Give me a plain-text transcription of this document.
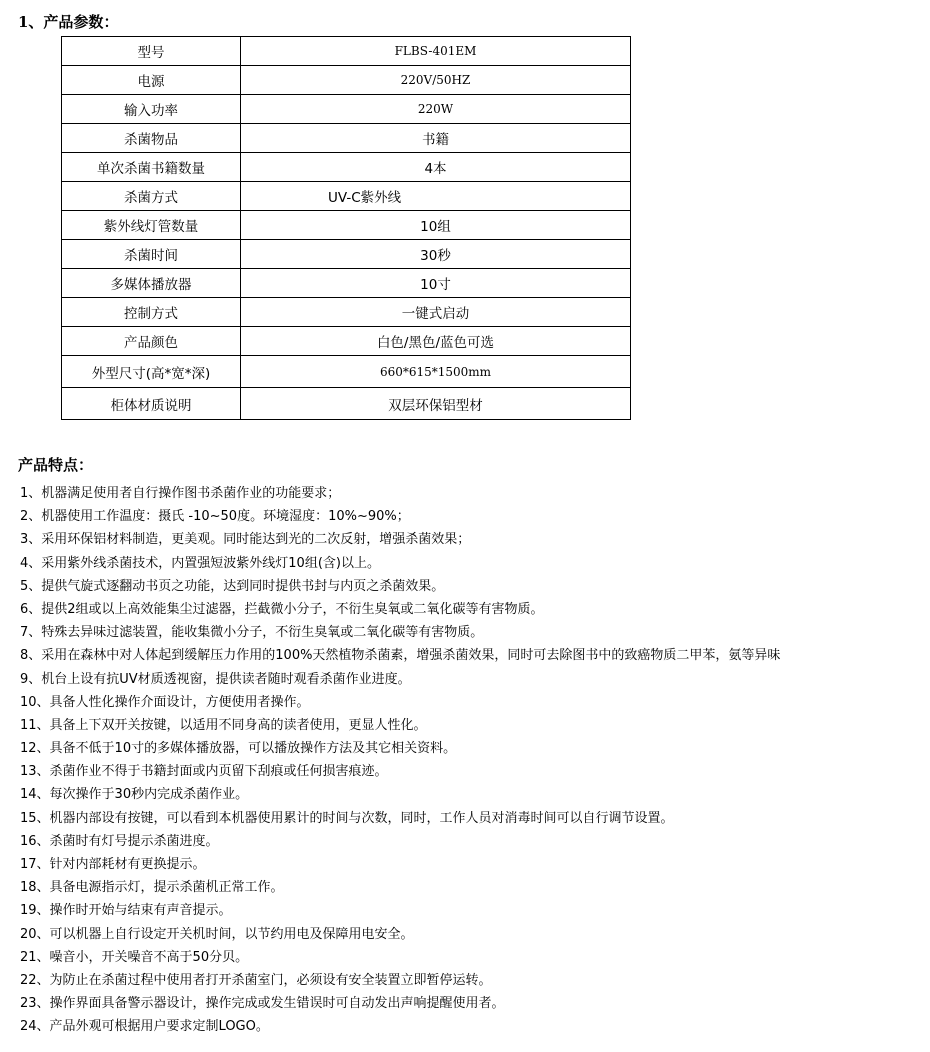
1、产品参数：
型号	FLBS-401EM
电源	220V/50HZ
输入功率	220W
杀菌物品	书籍
单次杀菌书籍数量	4本
杀菌方式	UV-C紫外线
紫外线灯管数量	10组
杀菌时间	30秒
多媒体播放器	10寸
控制方式	一键式启动
产品颜色	白色/黑色/蓝色可选
外型尺寸(高*宽*深)	660*615*1500mm
柜体材质说明	双层环保铝型材
产品特点：
1、机器满足使用者自行操作图书杀菌作业的功能要求；
2、机器使用工作温度：摄氏 -10~50度。环境湿度：10%~90%；
3、采用环保铝材料制造，更美观。同时能达到光的二次反射，增强杀菌效果；
4、采用紫外线杀菌技术，内置强短波紫外线灯10组(含)以上。
5、提供气旋式逐翻动书页之功能，达到同时提供书封与内页之杀菌效果。
6、提供2组或以上高效能集尘过滤器，拦截微小分子，不衍生臭氧或二氧化碳等有害物质。
7、特殊去异味过滤装置，能收集微小分子，不衍生臭氧或二氧化碳等有害物质。
8、采用在森林中对人体起到缓解压力作用的100%天然植物杀菌素，增强杀菌效果，同时可去除图书中的致癌物质二甲苯，氨等异味
9、机台上设有抗UV材质透视窗，提供读者随时观看杀菌作业进度。
10、具备人性化操作介面设计，方便使用者操作。
11、具备上下双开关按键，以适用不同身高的读者使用，更显人性化。
12、具备不低于10寸的多媒体播放器，可以播放操作方法及其它相关资料。
13、杀菌作业不得于书籍封面或内页留下刮痕或任何损害痕迹。
14、每次操作于30秒内完成杀菌作业。
15、机器内部设有按键，可以看到本机器使用累计的时间与次数，同时，工作人员对消毒时间可以自行调节设置。
16、杀菌时有灯号提示杀菌进度。
17、针对内部耗材有更换提示。
18、具备电源指示灯，提示杀菌机正常工作。
19、操作时开始与结束有声音提示。
20、可以机器上自行设定开关机时间，以节约用电及保障用电安全。
21、噪音小，开关噪音不高于50分贝。
22、为防止在杀菌过程中使用者打开杀菌室门，必须设有安全装置立即暂停运转。
23、操作界面具备警示器设计，操作完成或发生错误时可自动发出声响提醒使用者。
24、产品外观可根据用户要求定制LOGO。
